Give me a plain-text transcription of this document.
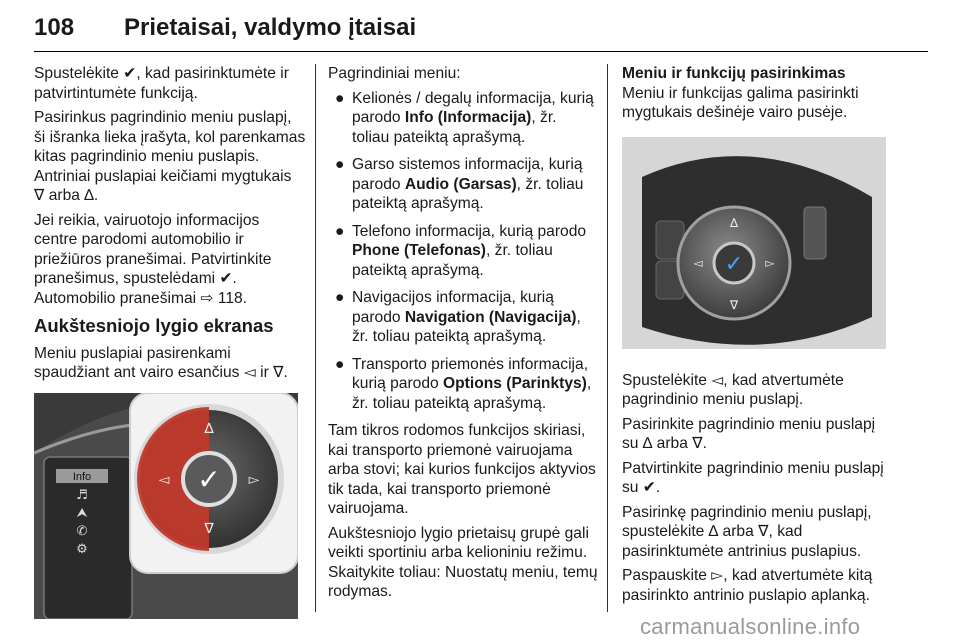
108 Prietaisai, valdymo įtaisai

Spustelėkite ✔, kad pasirinktumėte ir patvirtintumėte funkciją.

Pasirinkus pagrindinio meniu puslapį, ši išranka lieka įrašyta, kol parenkamas kitas pagrindinio meniu puslapis. Antriniai puslapiai keičiami mygtukais ∇ arba ∆.

Jei reikia, vairuotojo informacijos centre parodomi automobilio ir priežiūros pranešimai. Patvirtinkite pranešimus, spustelėdami ✔.

Automobilio pranešimai ⇨ 118.

Aukštesniojo lygio ekranas

Meniu puslapiai pasirenkami spaudžiant ant vairo esančius ◅ ir ∇.

Info
♬
⮝
✆
⚙
✓
∆
∇
◅	▻

Pagrindiniai meniu:

● Kelionės / degalų informacija, kurią parodo Info (Informacija), žr. toliau pateiktą aprašymą.
● Garso sistemos informacija, kurią parodo Audio (Garsas), žr. toliau pateiktą aprašymą.
● Telefono informacija, kurią parodo Phone (Telefonas), žr. toliau pateiktą aprašymą.
● Navigacijos informacija, kurią parodo Navigation (Navigacija), žr. toliau pateiktą aprašymą.
● Transporto priemonės informacija, kurią parodo Options (Parinktys), žr. toliau pateiktą aprašymą.

Tam tikros rodomos funkcijos skiriasi, kai transporto priemonė vairuojama arba stovi; kai kurios funkcijos aktyvios tik tada, kai transporto priemonė vairuojama.

Aukštesniojo lygio prietaisų grupė gali veikti sportiniu arba kelioniniu režimu. Skaitykite toliau: Nuostatų meniu, temų rodymas.

Meniu ir funkcijų pasirinkimas

Meniu ir funkcijas galima pasirinkti mygtukais dešinėje vairo pusėje.

✓
∆
∇
◅	▻

Spustelėkite ◅, kad atvertumėte pagrindinio meniu puslapį.

Pasirinkite pagrindinio meniu puslapį su ∆ arba ∇.

Patvirtinkite pagrindinio meniu puslapį su ✔.

Pasirinkę pagrindinio meniu puslapį, spustelėkite ∆ arba ∇, kad pasirinktumėte antrinius puslapius.

Paspauskite ▻, kad atvertumėte kitą pasirinkto antrinio puslapio aplanką.

carmanualsonline.info
